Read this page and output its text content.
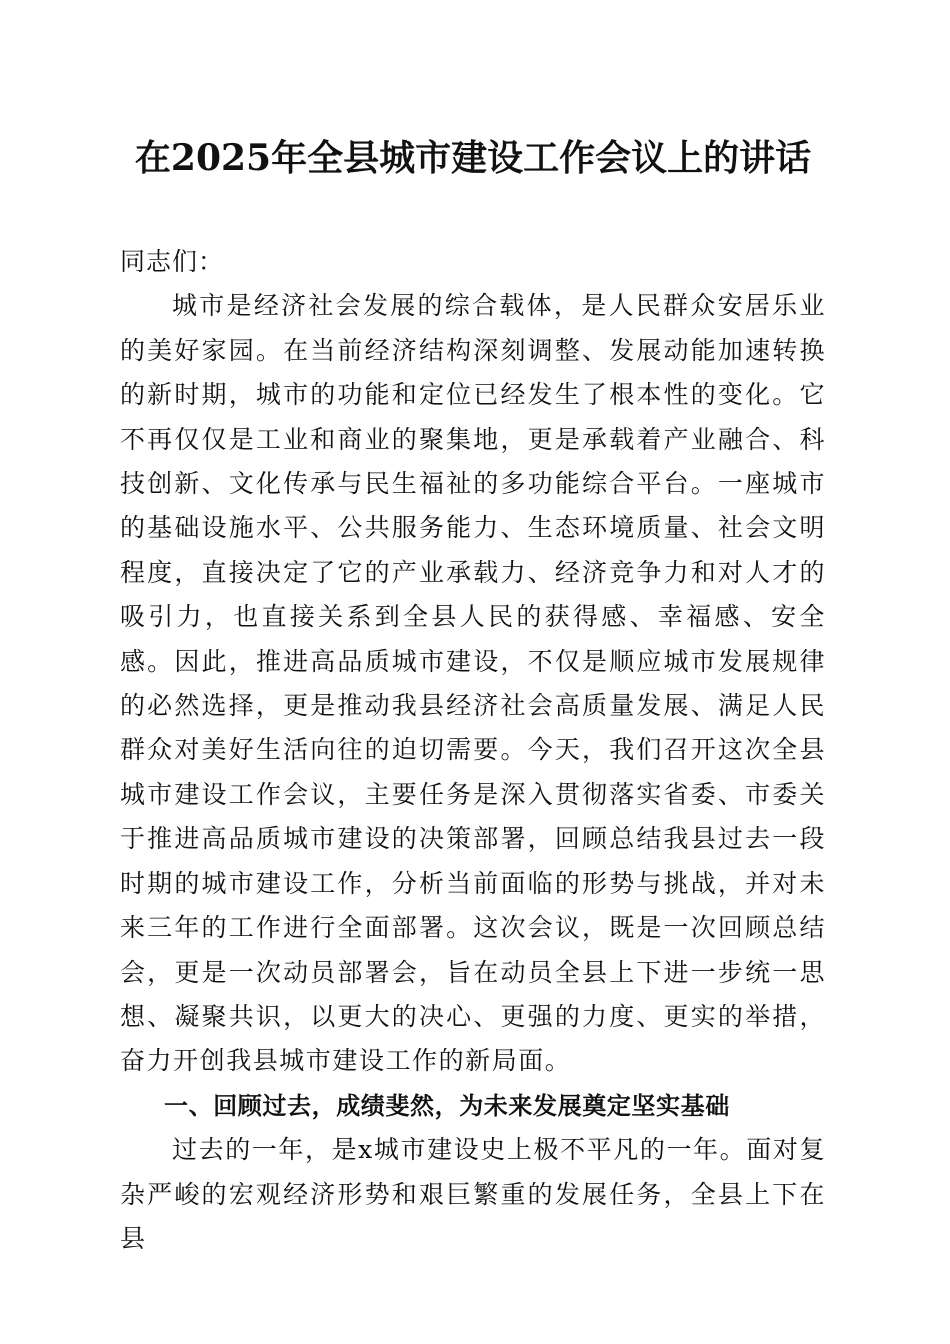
在2025年全县城市建设工作会议上的讲话

同志们：

城市是经济社会发展的综合载体，是人民群众安居乐业的美好家园。在当前经济结构深刻调整、发展动能加速转换的新时期，城市的功能和定位已经发生了根本性的变化。它不再仅仅是工业和商业的聚集地，更是承载着产业融合、科技创新、文化传承与民生福祉的多功能综合平台。一座城市的基础设施水平、公共服务能力、生态环境质量、社会文明程度，直接决定了它的产业承载力、经济竞争力和对人才的吸引力，也直接关系到全县人民的获得感、幸福感、安全感。因此，推进高品质城市建设，不仅是顺应城市发展规律的必然选择，更是推动我县经济社会高质量发展、满足人民群众对美好生活向往的迫切需要。今天，我们召开这次全县城市建设工作会议，主要任务是深入贯彻落实省委、市委关于推进高品质城市建设的决策部署，回顾总结我县过去一段时期的城市建设工作，分析当前面临的形势与挑战，并对未来三年的工作进行全面部署。这次会议，既是一次回顾总结会，更是一次动员部署会，旨在动员全县上下进一步统一思想、凝聚共识，以更大的决心、更强的力度、更实的举措，奋力开创我县城市建设工作的新局面。

一、回顾过去，成绩斐然，为未来发展奠定坚实基础

过去的一年，是x城市建设史上极不平凡的一年。面对复杂严峻的宏观经济形势和艰巨繁重的发展任务，全县上下在县
